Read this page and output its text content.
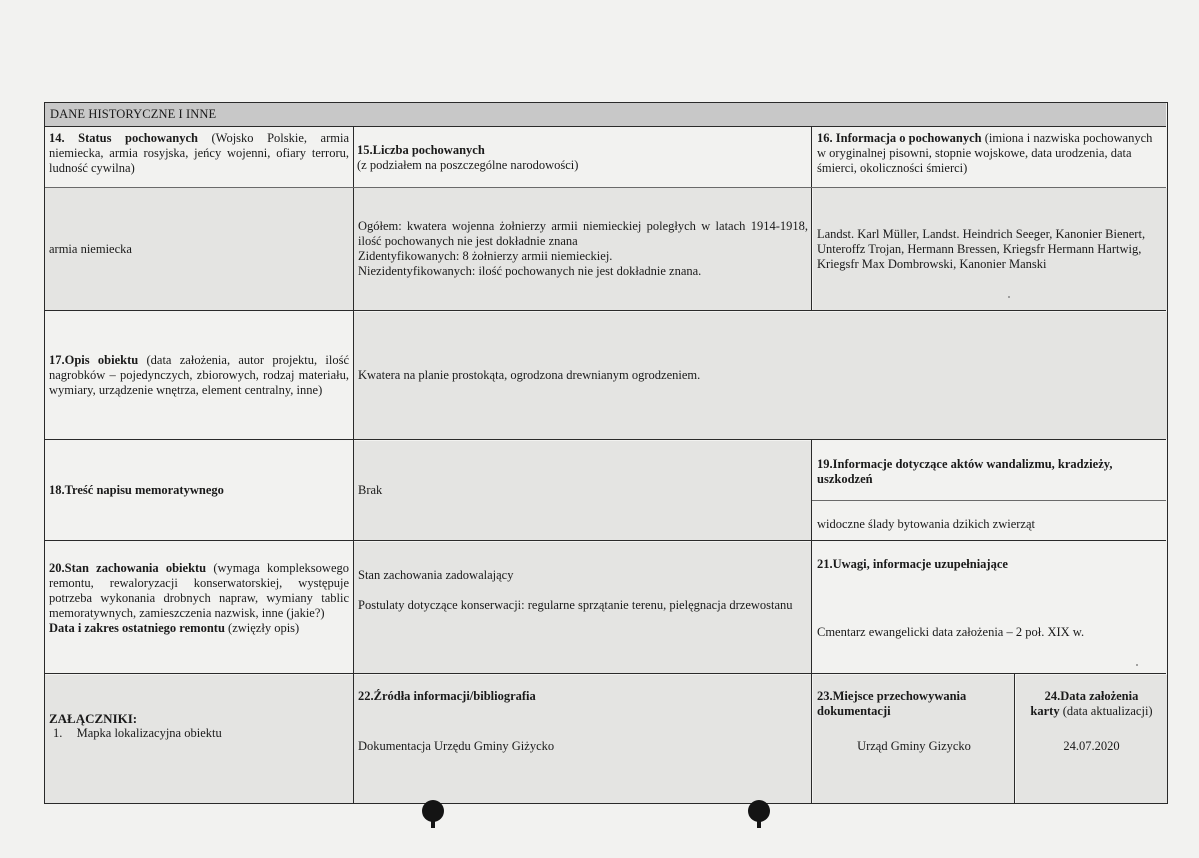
DANE HISTORYCZNE I INNE
14. Status pochowanych (Wojsko Polskie, armia niemiecka, armia rosyjska, jeńcy wojenni, ofiary terroru, ludność cywilna)
15.Liczba pochowanych
(z podziałem na poszczególne narodowości)
16. Informacja o pochowanych (imiona i nazwiska pochowanych w oryginalnej pisowni, stopnie wojskowe, data urodzenia, data śmierci, okoliczności śmierci)
armia niemiecka
Ogółem: kwatera wojenna żołnierzy armii niemieckiej poległych w latach 1914-1918, ilość pochowanych nie jest dokładnie znana
Zidentyfikowanych: 8 żołnierzy armii niemieckiej.
Niezidentyfikowanych: ilość pochowanych nie jest dokładnie znana.
Landst. Karl Müller, Landst. Heindrich Seeger, Kanonier Bienert, Unteroffz Trojan, Hermann Bressen, Kriegsfr Hermann Hartwig, Kriegsfr Max Dombrowski, Kanonier Manski
17.Opis obiektu (data założenia, autor projektu, ilość nagrobków – pojedynczych, zbiorowych, rodzaj materiału, wymiary, urządzenie wnętrza, element centralny, inne)
Kwatera na planie prostokąta, ogrodzona drewnianym ogrodzeniem.
18.Treść napisu memoratywnego	Brak
19.Informacje dotyczące aktów wandalizmu, kradzieży, uszkodzeń
widoczne ślady bytowania dzikich zwierząt
20.Stan zachowania obiektu (wymaga kompleksowego remontu, rewaloryzacji konserwatorskiej, występuje potrzeba wykonania drobnych napraw, wymiany tablic memoratywnych, zamieszczenia nazwisk, inne (jakie?)
Data i zakres ostatniego remontu (zwięzły opis)
Stan zachowania zadowalający
Postulaty dotyczące konserwacji: regularne sprzątanie terenu, pielęgnacja drzewostanu
21.Uwagi, informacje uzupełniające
Cmentarz ewangelicki data założenia – 2 poł. XIX w.
ZAŁĄCZNIKI:
1. Mapka lokalizacyjna obiektu
22.Źródła informacji/bibliografia
Dokumentacja Urzędu Gminy Giżycko
23.Miejsce przechowywania dokumentacji
Urząd Gminy Gizycko
24.Data założenia
karty (data aktualizacji)
24.07.2020
